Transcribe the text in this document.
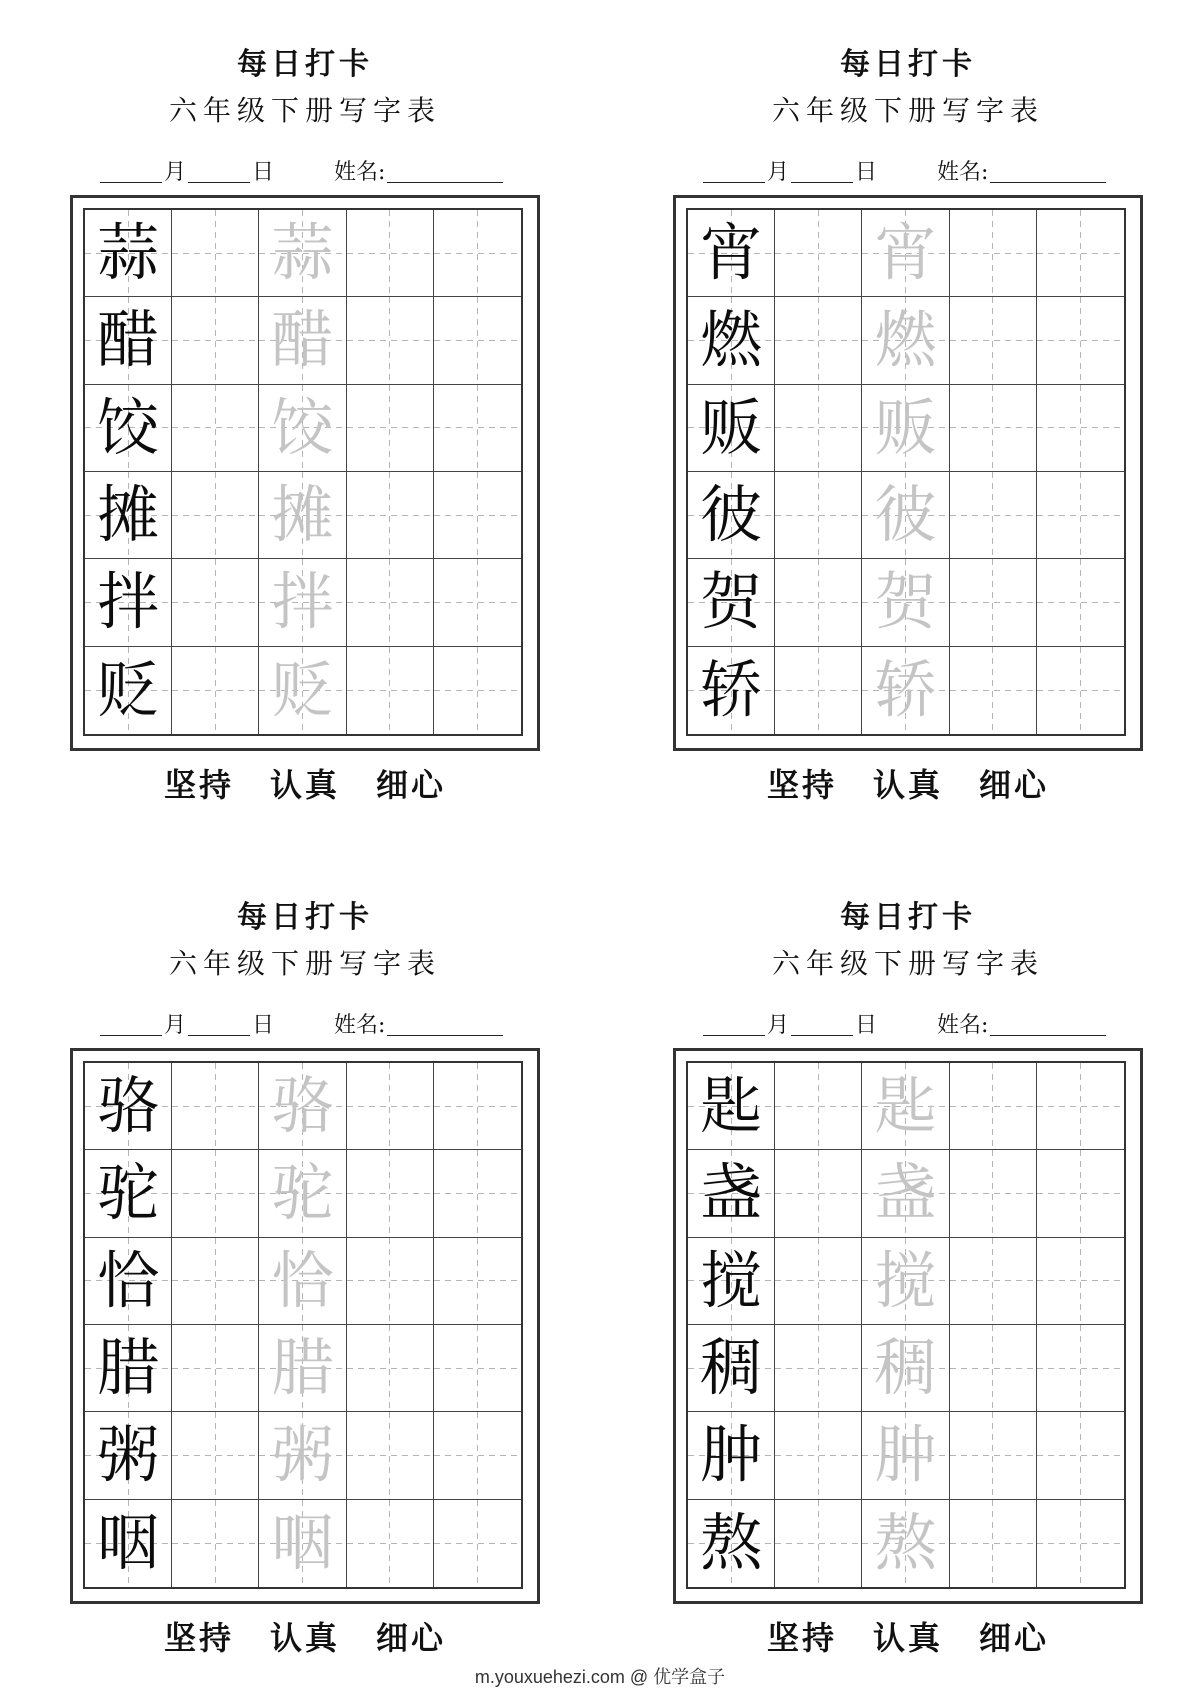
每日打卡
六年级下册写字表
月	日	姓名:
蒜 蒜
醋 醋
饺 饺
摊 摊
拌 拌
贬 贬
坚持 认真 细心
每日打卡
六年级下册写字表
月	日	姓名:
宵 宵
燃 燃
贩 贩
彼 彼
贺 贺
轿 轿
坚持 认真 细心
每日打卡
六年级下册写字表
月	日	姓名:
骆 骆
驼 驼
恰 恰
腊 腊
粥 粥
咽 咽
坚持 认真 细心
每日打卡
六年级下册写字表
月	日	姓名:
匙 匙
盏 盏
搅 搅
稠 稠
肿 肿
熬 熬
坚持 认真 细心
m.youxuehezi.com @ 优学盒子
